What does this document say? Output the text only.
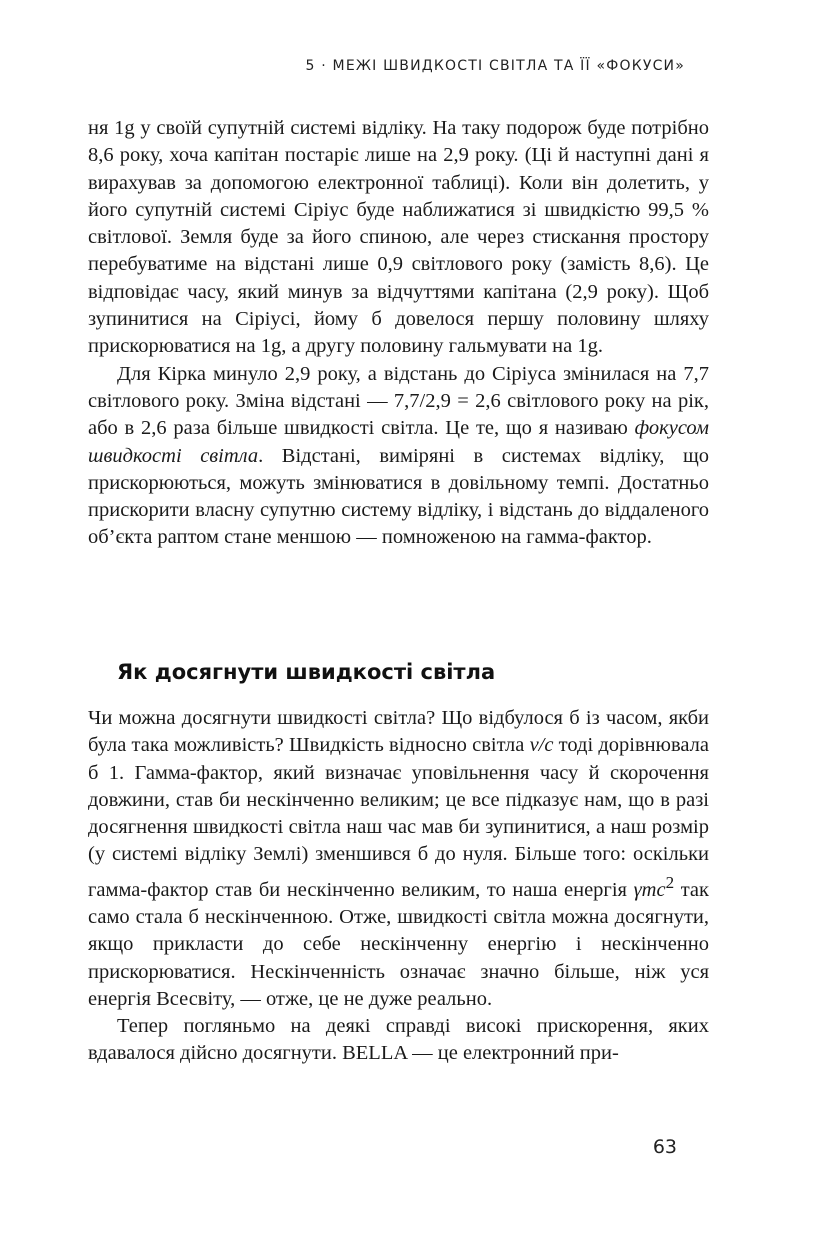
5 · МЕЖІ ШВИДКОСТІ СВІТЛА ТА ЇЇ «ФОКУСИ»

ня 1g у своїй супутній системі відліку. На таку подорож буде потрібно 8,6 року, хоча капітан постаріє лише на 2,9 року. (Ці й наступні дані я вирахував за допомогою електронної таблиці). Коли він долетить, у його супутній системі Сіріус буде наближатися зі швидкістю 99,5 % світлової. Земля буде за його спиною, але через стискання простору перебуватиме на відстані лише 0,9 світлового року (замість 8,6). Це відповідає часу, який минув за відчуттями капітана (2,9 року). Щоб зупинитися на Сіріусі, йому б довелося першу половину шляху прискорюватися на 1g, а другу половину гальмувати на 1g.

Для Кірка минуло 2,9 року, а відстань до Сіріуса змінилася на 7,7 світлового року. Зміна відстані — 7,7/2,9 = 2,6 світлового року на рік, або в 2,6 раза більше швидкості світла. Це те, що я називаю фокусом швидкості світла. Відстані, виміряні в системах відліку, що прискорюються, можуть змінюватися в довільному темпі. Достатньо прискорити власну супутню систему відліку, і відстань до віддаленого об’єкта раптом стане меншою — помноженою на гамма-фактор.

Як досягнути швидкості світла

Чи можна досягнути швидкості світла? Що відбулося б із часом, якби була така можливість? Швидкість відносно світла v/c тоді дорівнювала б 1. Гамма-фактор, який визначає уповільнення часу й скорочення довжини, став би нескінченно великим; це все підказує нам, що в разі досягнення швидкості світла наш час мав би зупинитися, а наш розмір (у системі відліку Землі) зменшився б до нуля. Більше того: оскільки гамма-фактор став би нескінченно великим, то наша енергія γmc$^2$ так само стала б нескінченною. Отже, швидкості світла можна досягнути, якщо прикласти до себе нескінченну енергію і нескінченно прискорюватися. Нескінченність означає значно більше, ніж уся енергія Всесвіту, — отже, це не дуже реально.

Тепер погляньмо на деякі справді високі прискорення, яких вдавалося дійсно досягнути. BELLA — це електронний при-

63
